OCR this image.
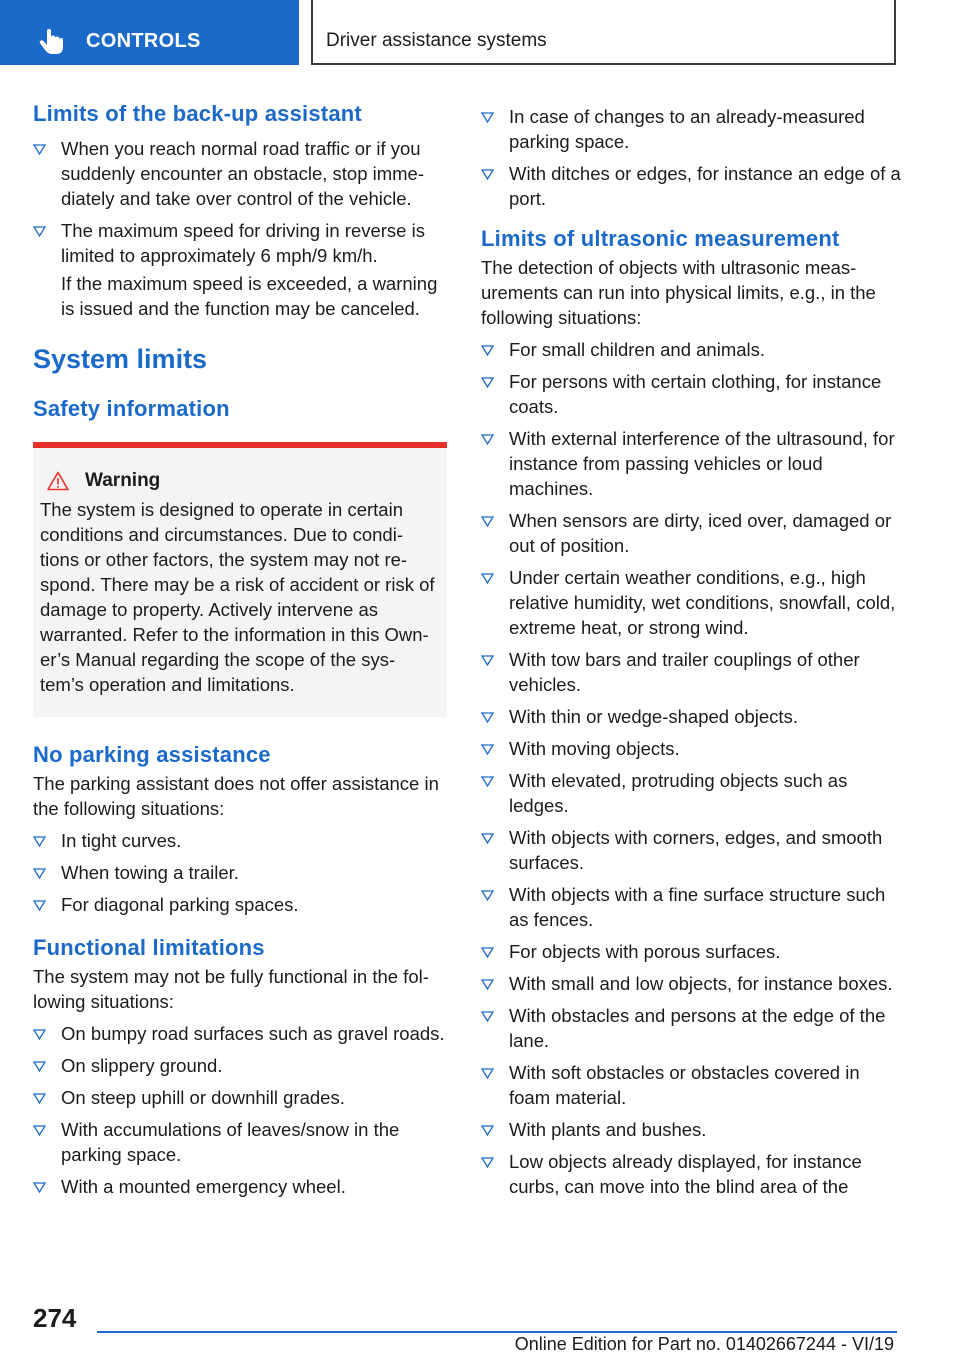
CONTROLS	Driver assistance systems
Limits of the back-up assistant
When you reach normal road traffic or if you suddenly encounter an obstacle, stop imme‐ diately and take over control of the vehicle.
The maximum speed for driving in reverse is limited to approximately 6 mph/9 km/h.
If the maximum speed is exceeded, a warning is issued and the function may be canceled.
System limits
Safety information
Warning
The system is designed to operate in certain conditions and circumstances. Due to condi‐ tions or other factors, the system may not re‐ spond. There may be a risk of accident or risk of damage to property. Actively intervene as warranted. Refer to the information in this Own‐ er’s Manual regarding the scope of the sys‐ tem’s operation and limitations.
No parking assistance
The parking assistant does not offer assistance in the following situations:
In tight curves.
When towing a trailer.
For diagonal parking spaces.
Functional limitations
The system may not be fully functional in the fol‐ lowing situations:
On bumpy road surfaces such as gravel roads.
On slippery ground.
On steep uphill or downhill grades.
With accumulations of leaves/snow in the parking space.
With a mounted emergency wheel.
In case of changes to an already-measured parking space.
With ditches or edges, for instance an edge of a port.
Limits of ultrasonic measurement
The detection of objects with ultrasonic meas‐ urements can run into physical limits, e.g., in the following situations:
For small children and animals.
For persons with certain clothing, for instance coats.
With external interference of the ultrasound, for instance from passing vehicles or loud machines.
When sensors are dirty, iced over, damaged or out of position.
Under certain weather conditions, e.g., high relative humidity, wet conditions, snowfall, cold, extreme heat, or strong wind.
With tow bars and trailer couplings of other vehicles.
With thin or wedge-shaped objects.
With moving objects.
With elevated, protruding objects such as ledges.
With objects with corners, edges, and smooth surfaces.
With objects with a fine surface structure such as fences.
For objects with porous surfaces.
With small and low objects, for instance boxes.
With obstacles and persons at the edge of the lane.
With soft obstacles or obstacles covered in foam material.
With plants and bushes.
Low objects already displayed, for instance curbs, can move into the blind area of the
274
Online Edition for Part no. 01402667244 - VI/19
